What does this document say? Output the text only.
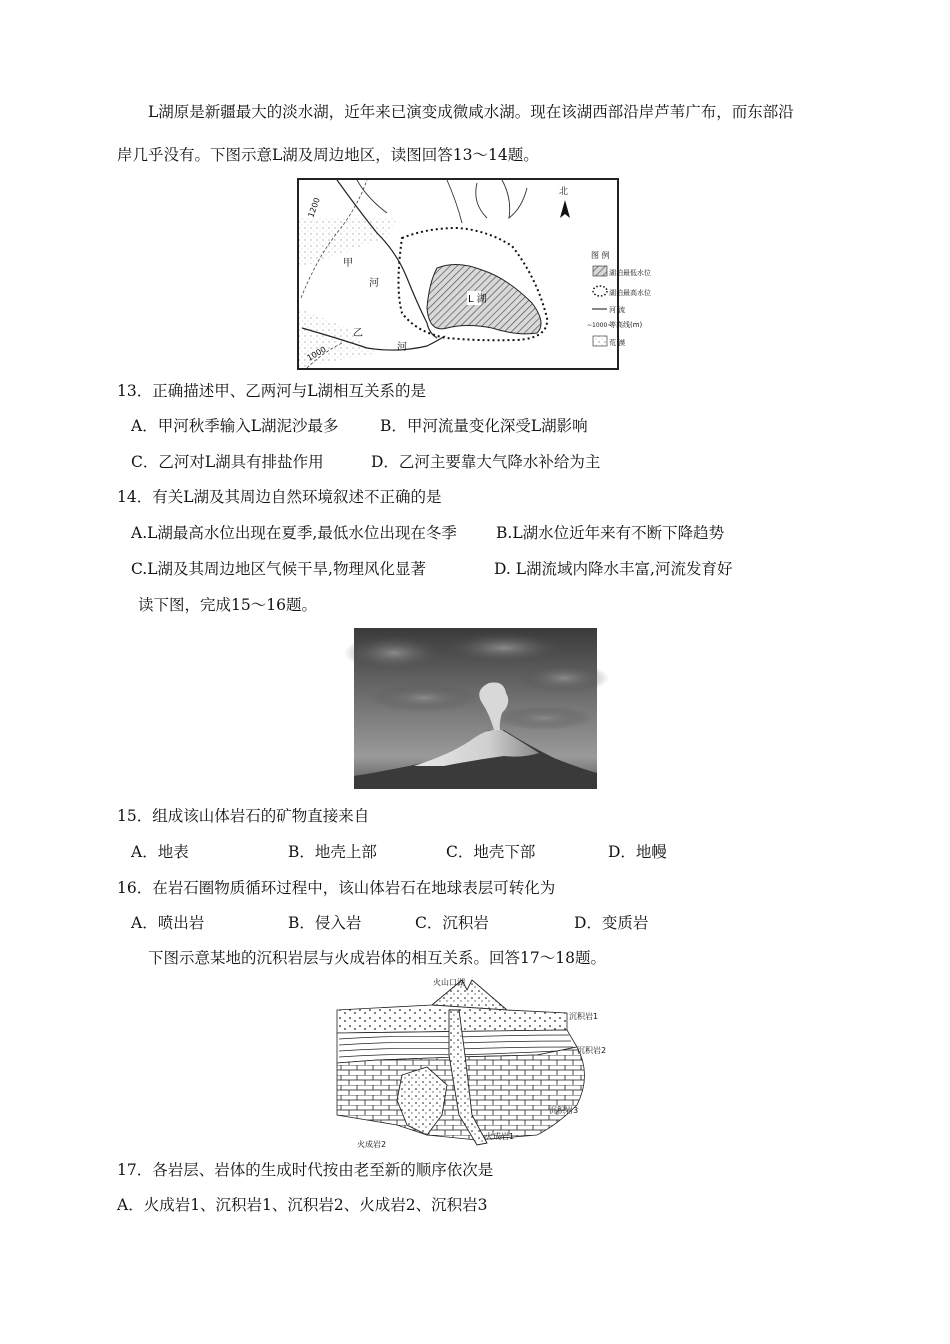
L湖原是新疆最大的淡水湖，近年来已演变成微咸水湖。现在该湖西部沿岸芦苇广布，而东部沿
岸几乎没有。下图示意L湖及周边地区，读图回答13～14题。
L 湖
甲
河
乙
河
1200
1000
北
图 例
湖泊最低水位
湖泊最高水位
河 流
~1000~
等高线(m)
荒 漠
13．正确描述甲、乙两河与L湖相互关系的是
A．甲河秋季输入L湖泥沙最多	B．甲河流量变化深受L湖影响
C．乙河对L湖具有排盐作用	D．乙河主要靠大气降水补给为主
14．有关L湖及其周边自然环境叙述不正确的是
A.L湖最高水位出现在夏季,最低水位出现在冬季	B.L湖水位近年来有不断下降趋势
C.L湖及其周边地区气候干旱,物理风化显著	D. L湖流域内降水丰富,河流发育好
读下图，完成15～16题。
15．组成该山体岩石的矿物直接来自
A．地表	B．地壳上部	C．地壳下部	D．地幔
16．在岩石圈物质循环过程中，该山体岩石在地球表层可转化为
A．喷出岩	B．侵入岩	C．沉积岩	D．变质岩
下图示意某地的沉积岩层与火成岩体的相互关系。回答17～18题。
火山口湖
沉积岩1
沉积岩2
沉积岩3
火成岩1
火成岩2
17．各岩层、岩体的生成时代按由老至新的顺序依次是
A．火成岩1、沉积岩1、沉积岩2、火成岩2、沉积岩3
